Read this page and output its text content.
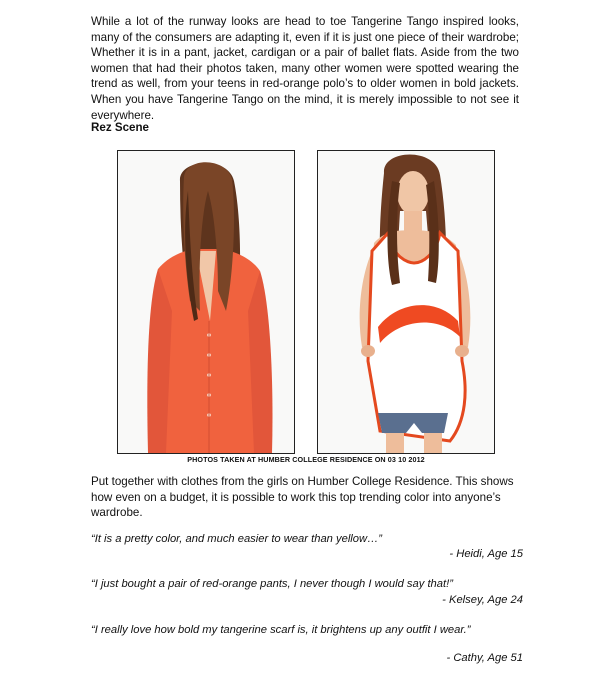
While a lot of the runway looks are head to toe Tangerine Tango inspired looks, many of the consumers are adapting it, even if it is just one piece of their wardrobe; Whether it is in a pant, jacket, cardigan or a pair of ballet flats. Aside from the two women that had their photos taken, many other women were spotted wearing the trend as well, from your teens in red-orange polo’s to older women in bold jackets. When you have Tangerine Tango on the mind, it is merely impossible to not see it everywhere.

Rez Scene

PHOTOS TAKEN AT HUMBER COLLEGE RESIDENCE ON 03 10 2012

Put together with clothes from the girls on Humber College Residence. This shows how even on a budget, it is possible to work this top trending color into anyone’s wardrobe.

“It is a pretty color, and much easier to wear than yellow…”

- Heidi, Age 15

“I just bought a pair of red-orange pants, I never though I would say that!”

- Kelsey, Age 24

“I really love how bold my tangerine scarf is, it brightens up any outfit I wear.”

- Cathy, Age 51
